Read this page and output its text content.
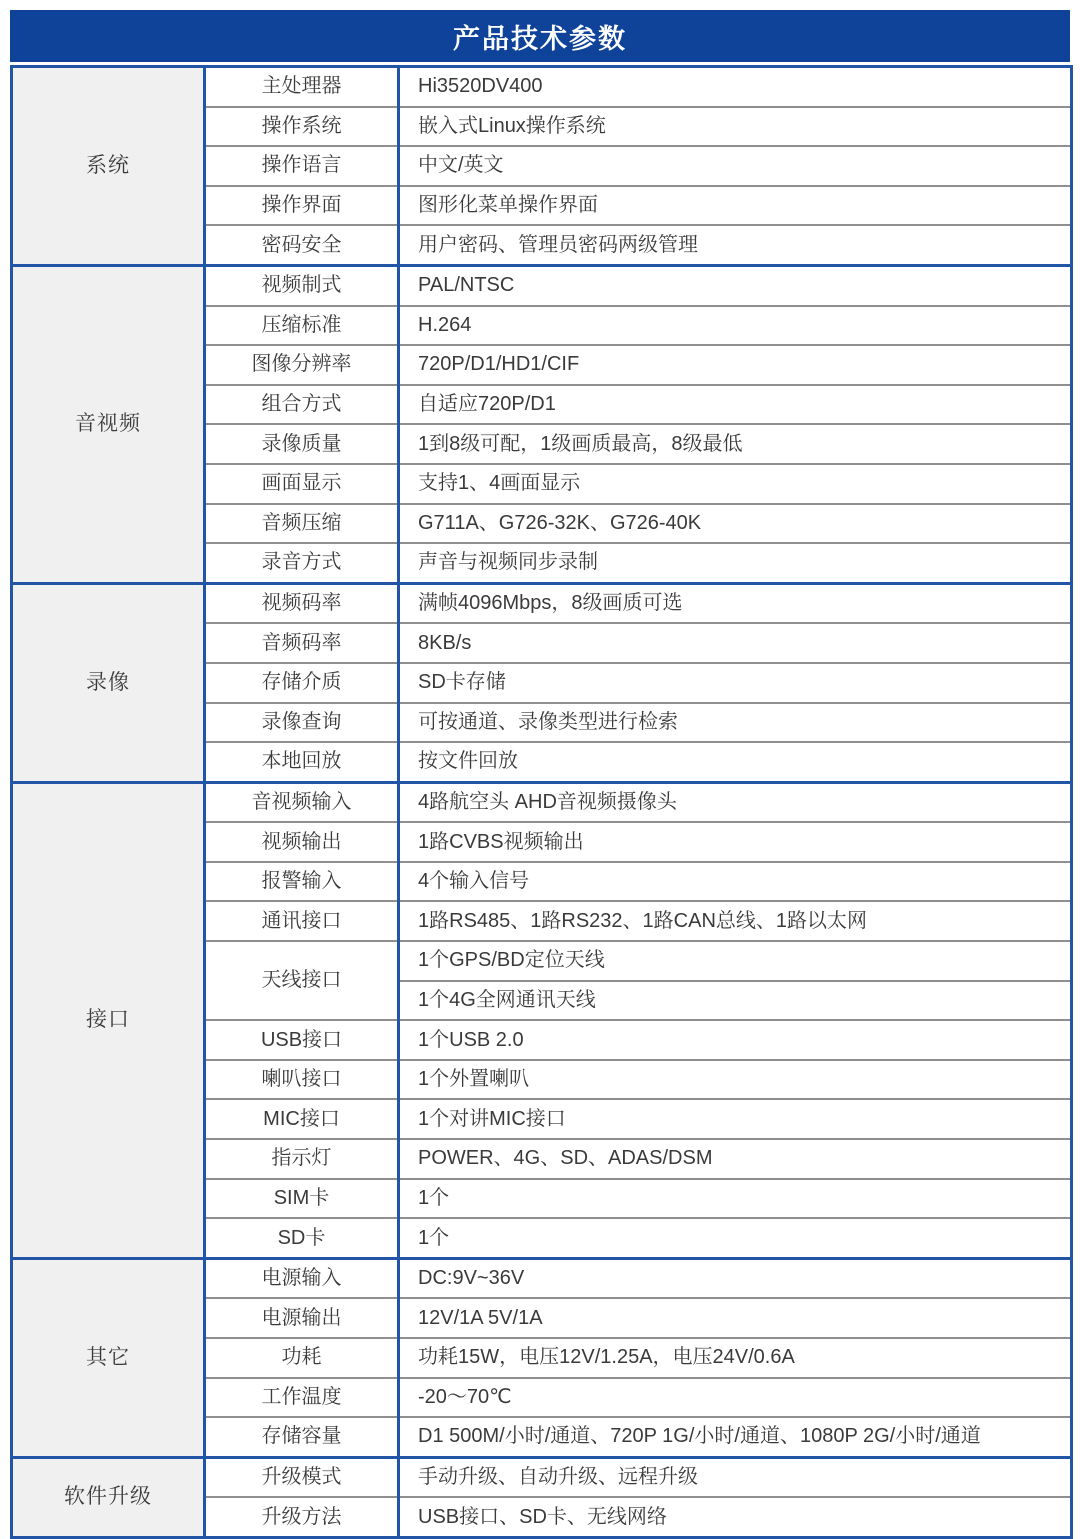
产品技术参数
系统	主处理器	Hi3520DV400
	操作系统	嵌入式Linux操作系统
	操作语言	中文/英文
	操作界面	图形化菜单操作界面
	密码安全	用户密码、管理员密码两级管理
音视频	视频制式	PAL/NTSC
	压缩标准	H.264
	图像分辨率	720P/D1/HD1/CIF
	组合方式	自适应720P/D1
	录像质量	1到8级可配，1级画质最高，8级最低
	画面显示	支持1、4画面显示
	音频压缩	G711A、G726-32K、G726-40K
	录音方式	声音与视频同步录制
录像	视频码率	满帧4096Mbps，8级画质可选
	音频码率	8KB/s
	存储介质	SD卡存储
	录像查询	可按通道、录像类型进行检索
	本地回放	按文件回放
接口	音视频输入	4路航空头 AHD音视频摄像头
	视频输出	1路CVBS视频输出
	报警输入	4个输入信号
	通讯接口	1路RS485、1路RS232、1路CAN总线、1路以太网
	天线接口	1个GPS/BD定位天线
		1个4G全网通讯天线
	USB接口	1个USB 2.0
	喇叭接口	1个外置喇叭
	MIC接口	1个对讲MIC接口
	指示灯	POWER、4G、SD、ADAS/DSM
	SIM卡	1个
	SD卡	1个
其它	电源输入	DC:9V~36V
	电源输出	12V/1A 5V/1A
	功耗	功耗15W，电压12V/1.25A，电压24V/0.6A
	工作温度	-20～70℃
	存储容量	D1 500M/小时/通道、720P 1G/小时/通道、1080P 2G/小时/通道
软件升级	升级模式	手动升级、自动升级、远程升级
	升级方法	USB接口、SD卡、无线网络
